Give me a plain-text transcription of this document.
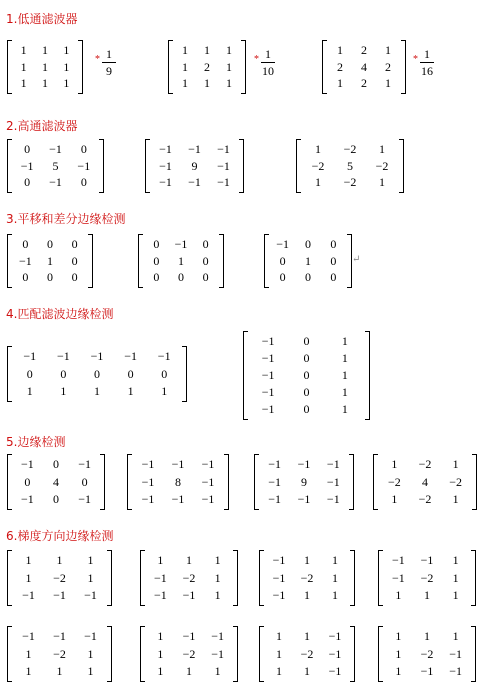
1.低通滤波器
1	1	1
1	1	1
1	1	1
* 1
9
1	1	1
1	2	1
1	1	1
* 1
10
1	2	1
2	4	2
1	2	1
* 1
16
2.高通滤波器
0	−1	0
−1	5	−1
0	−1	0
−1	−1	−1
−1	9	−1
−1	−1	−1
1	−2	1
−2	5	−2
1	−2	1
3.平移和差分边缘检测
0	0	0
−1	1	0
0	0	0
0	−1	0
0	1	0
0	0	0
−1	0	0
0	1	0
0	0	0
↵
4.匹配滤波边缘检测
−1	−1	−1	−1	−1
0	0	0	0	0
1	1	1	1	1
−1	0	1
−1	0	1
−1	0	1
−1	0	1
−1	0	1
5.边缘检测
−1	0	−1
0	4	0
−1	0	−1
−1	−1	−1
−1	8	−1
−1	−1	−1
−1	−1	−1
−1	9	−1
−1	−1	−1
1	−2	1
−2	4	−2
1	−2	1
6.梯度方向边缘检测
1	1	1
1	−2	1
−1	−1	−1
1	1	1
−1	−2	1
−1	−1	1
−1	1	1
−1	−2	1
−1	1	1
−1	−1	1
−1	−2	1
1	1	1
−1	−1	−1
1	−2	1
1	1	1
1	−1	−1
1	−2	−1
1	1	1
1	1	−1
1	−2	−1
1	1	−1
1	1	1
1	−2	−1
1	−1	−1
